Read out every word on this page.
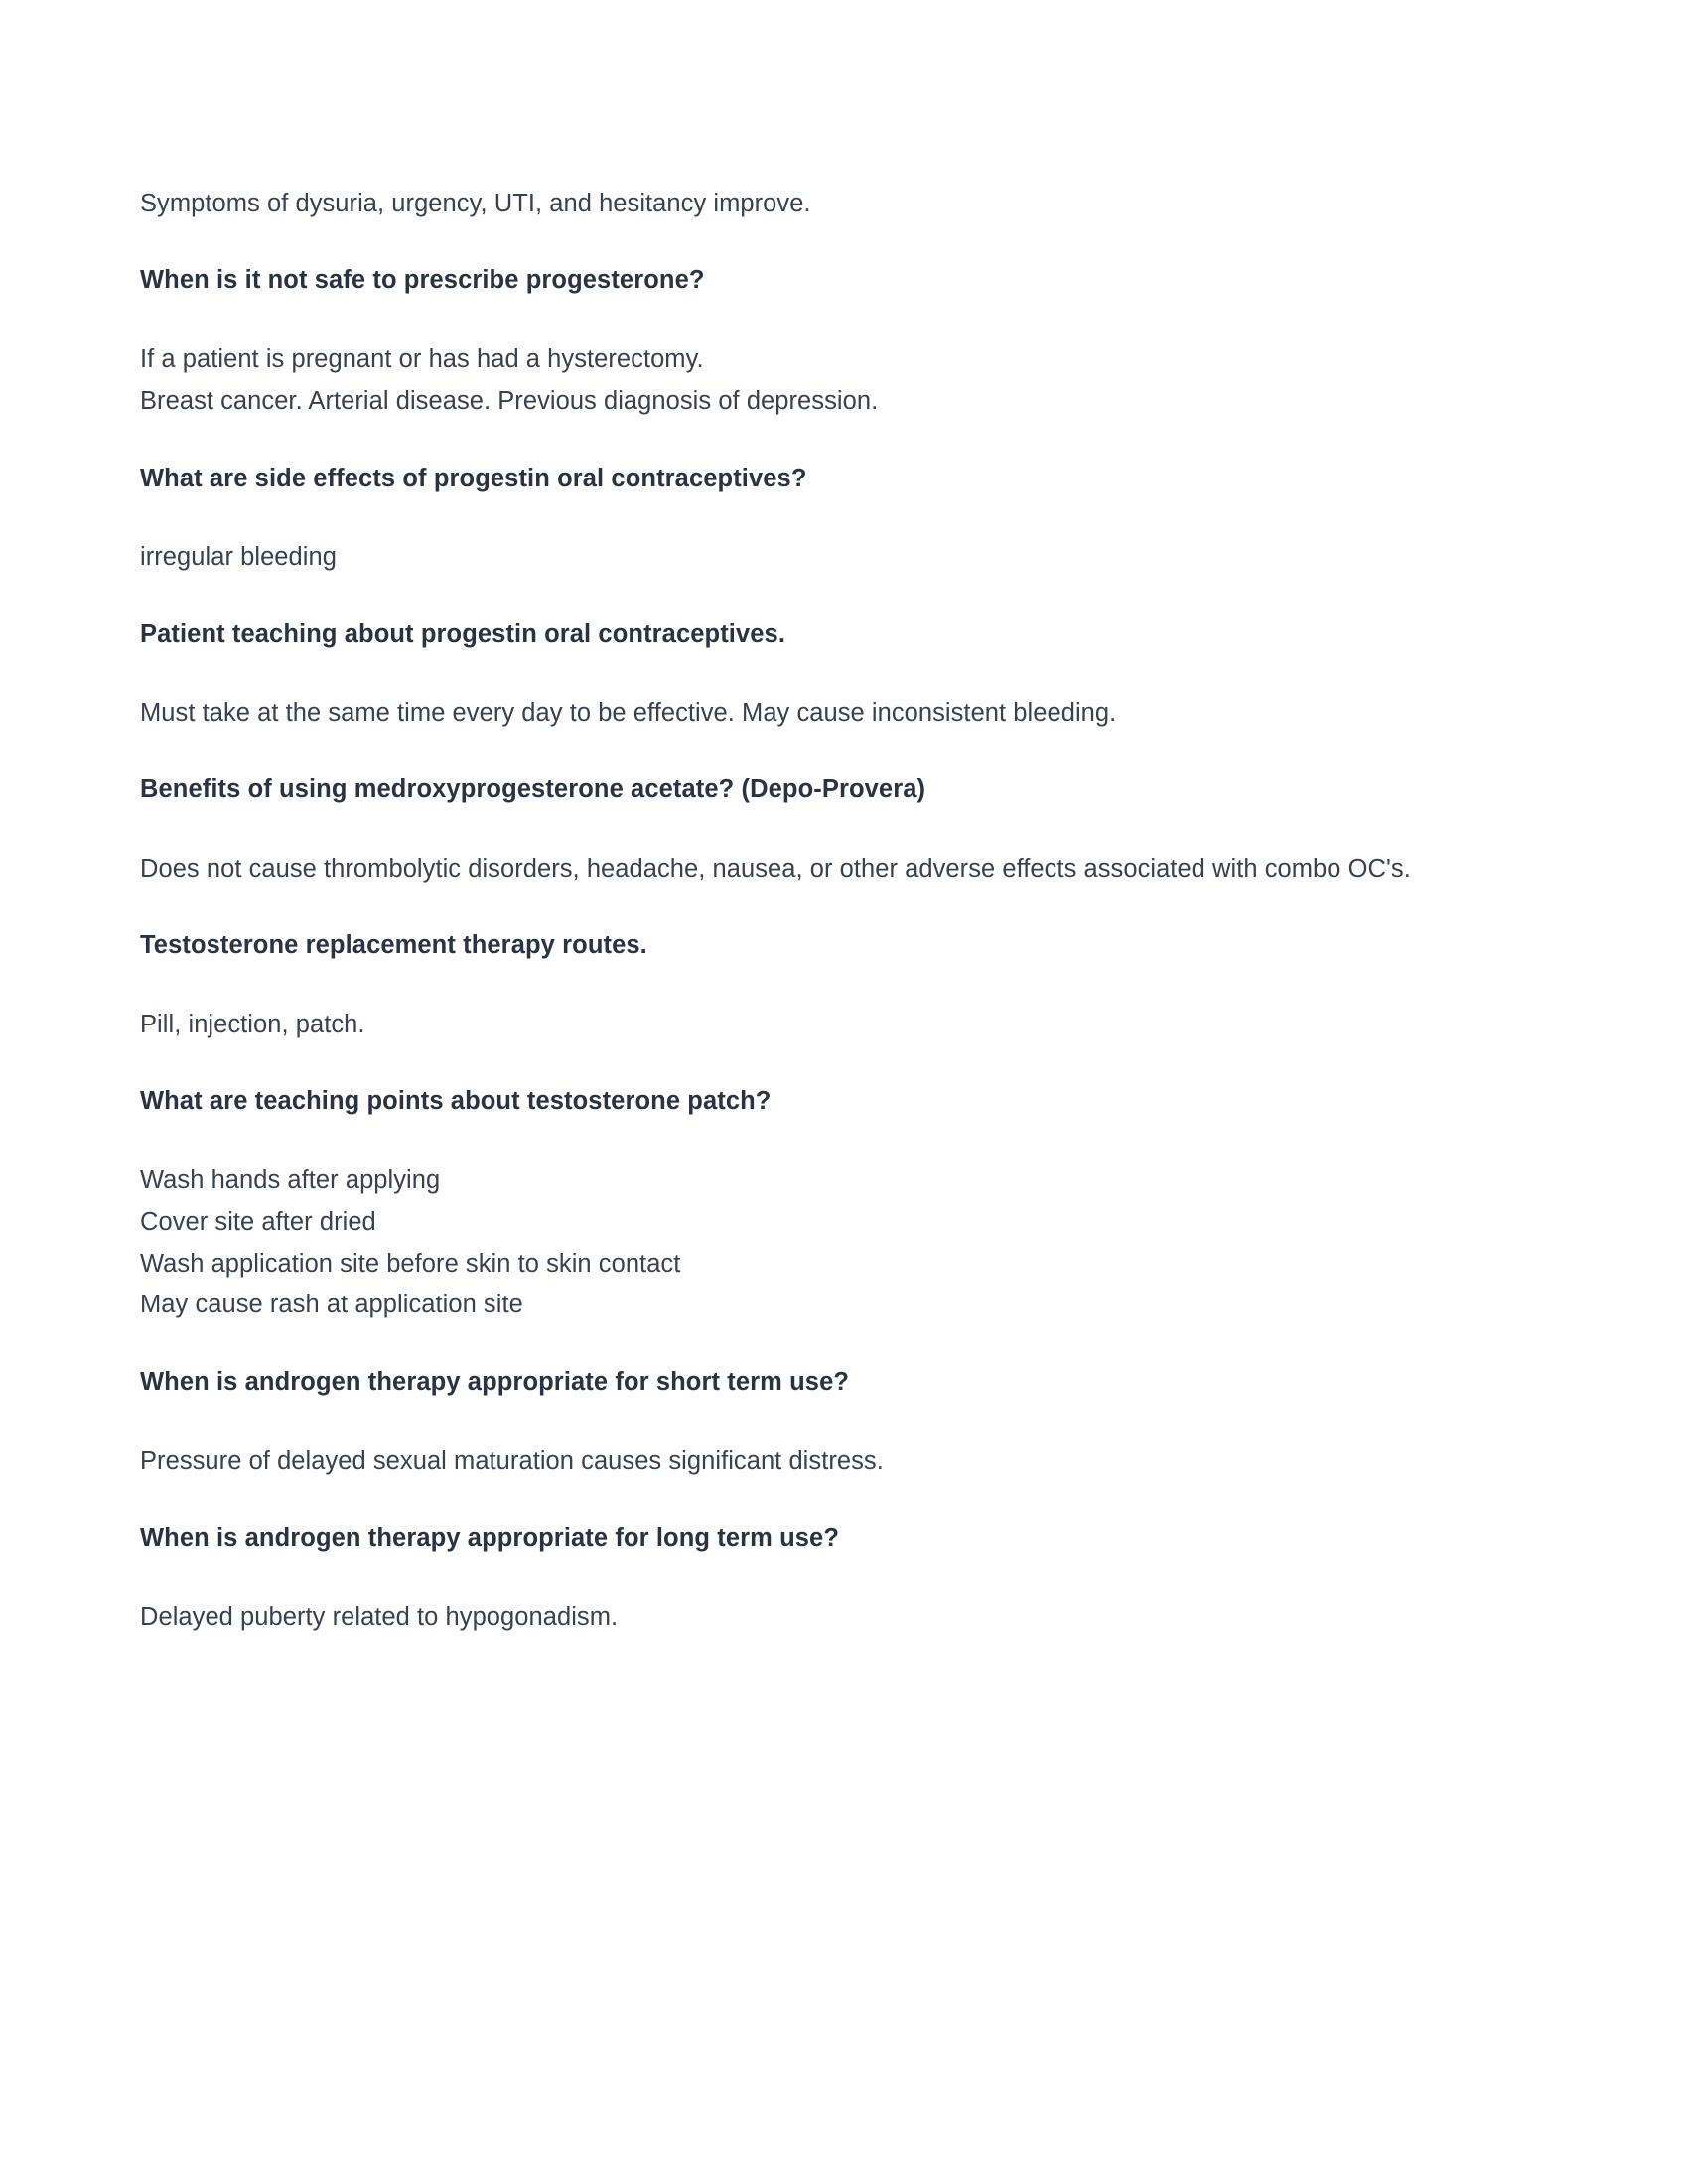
Symptoms of dysuria, urgency, UTI, and hesitancy improve.

When is it not safe to prescribe progesterone?

If a patient is pregnant or has had a hysterectomy.
Breast cancer. Arterial disease. Previous diagnosis of depression.

What are side effects of progestin oral contraceptives?

irregular bleeding

Patient teaching about progestin oral contraceptives.

Must take at the same time every day to be effective. May cause inconsistent bleeding.

Benefits of using medroxyprogesterone acetate? (Depo-Provera)

Does not cause thrombolytic disorders, headache, nausea, or other adverse effects associated with combo OC's.

Testosterone replacement therapy routes.

Pill, injection, patch.

What are teaching points about testosterone patch?

Wash hands after applying
Cover site after dried
Wash application site before skin to skin contact
May cause rash at application site

When is androgen therapy appropriate for short term use?

Pressure of delayed sexual maturation causes significant distress.

When is androgen therapy appropriate for long term use?

Delayed puberty related to hypogonadism.
